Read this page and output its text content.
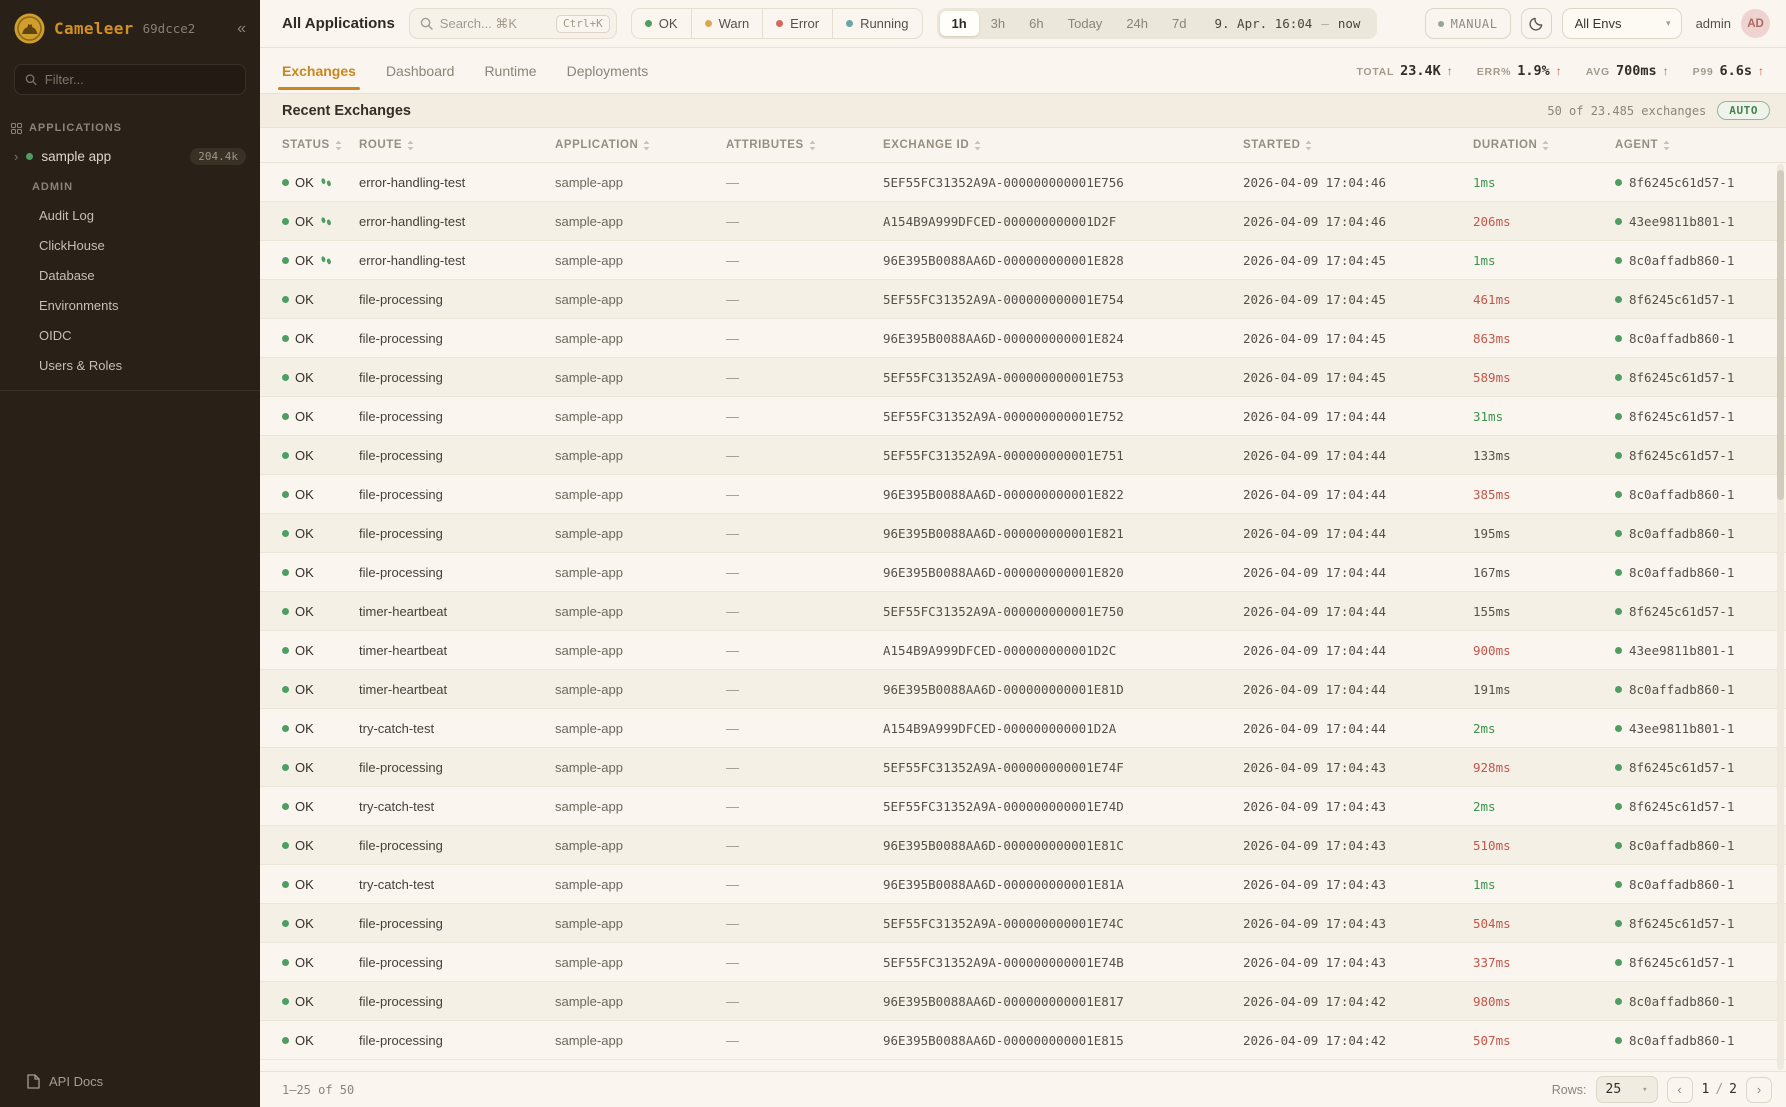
Cameleer 69dcce2	«
Filter...
APPLICATIONS
› sample app	204.4k
ADMIN
Audit Log
ClickHouse
Database
Environments
OIDC
Users & Roles
API Docs
All Applications
Search... ⌘K	Ctrl+K	OK	Warn	Error	Running	1h	3h	6h	Today	24h	7d	9. Apr. 16:04 — now	MANUAL	All Envs	▾ admin	AD
Exchanges Dashboard Runtime Deployments	TOTAL 23.4K ↑ ERR% 1.9% ↑ AVG 700ms ↑ P99 6.6s ↑
Recent Exchanges	50 of 23.485 exchanges	AUTO
STATUS	ROUTE	APPLICATION	ATTRIBUTES	EXCHANGE ID	STARTED	DURATION	AGENT
OK	error-handling-test	sample-app	—	5EF55FC31352A9A-000000000001E756	2026-04-09 17:04:46	1ms	8f6245c61d57-1
OK	error-handling-test	sample-app	—	A154B9A999DFCED-000000000001D2F	2026-04-09 17:04:46	206ms	43ee9811b801-1
OK	error-handling-test	sample-app	—	96E395B0088AA6D-000000000001E828	2026-04-09 17:04:45	1ms	8c0affadb860-1
OK	file-processing	sample-app	—	5EF55FC31352A9A-000000000001E754	2026-04-09 17:04:45	461ms	8f6245c61d57-1
OK	file-processing	sample-app	—	96E395B0088AA6D-000000000001E824	2026-04-09 17:04:45	863ms	8c0affadb860-1
OK	file-processing	sample-app	—	5EF55FC31352A9A-000000000001E753	2026-04-09 17:04:45	589ms	8f6245c61d57-1
OK	file-processing	sample-app	—	5EF55FC31352A9A-000000000001E752	2026-04-09 17:04:44	31ms	8f6245c61d57-1
OK	file-processing	sample-app	—	5EF55FC31352A9A-000000000001E751	2026-04-09 17:04:44	133ms	8f6245c61d57-1
OK	file-processing	sample-app	—	96E395B0088AA6D-000000000001E822	2026-04-09 17:04:44	385ms	8c0affadb860-1
OK	file-processing	sample-app	—	96E395B0088AA6D-000000000001E821	2026-04-09 17:04:44	195ms	8c0affadb860-1
OK	file-processing	sample-app	—	96E395B0088AA6D-000000000001E820	2026-04-09 17:04:44	167ms	8c0affadb860-1
OK	timer-heartbeat	sample-app	—	5EF55FC31352A9A-000000000001E750	2026-04-09 17:04:44	155ms	8f6245c61d57-1
OK	timer-heartbeat	sample-app	—	A154B9A999DFCED-000000000001D2C	2026-04-09 17:04:44	900ms	43ee9811b801-1
OK	timer-heartbeat	sample-app	—	96E395B0088AA6D-000000000001E81D	2026-04-09 17:04:44	191ms	8c0affadb860-1
OK	try-catch-test	sample-app	—	A154B9A999DFCED-000000000001D2A	2026-04-09 17:04:44	2ms	43ee9811b801-1
OK	file-processing	sample-app	—	5EF55FC31352A9A-000000000001E74F	2026-04-09 17:04:43	928ms	8f6245c61d57-1
OK	try-catch-test	sample-app	—	5EF55FC31352A9A-000000000001E74D	2026-04-09 17:04:43	2ms	8f6245c61d57-1
OK	file-processing	sample-app	—	96E395B0088AA6D-000000000001E81C	2026-04-09 17:04:43	510ms	8c0affadb860-1
OK	try-catch-test	sample-app	—	96E395B0088AA6D-000000000001E81A	2026-04-09 17:04:43	1ms	8c0affadb860-1
OK	file-processing	sample-app	—	5EF55FC31352A9A-000000000001E74C	2026-04-09 17:04:43	504ms	8f6245c61d57-1
OK	file-processing	sample-app	—	5EF55FC31352A9A-000000000001E74B	2026-04-09 17:04:43	337ms	8f6245c61d57-1
OK	file-processing	sample-app	—	96E395B0088AA6D-000000000001E817	2026-04-09 17:04:42	980ms	8c0affadb860-1
OK	file-processing	sample-app	—	96E395B0088AA6D-000000000001E815	2026-04-09 17:04:42	507ms	8c0affadb860-1
1–25 of 50	Rows: 25 ▾	‹	1 / 2	›
